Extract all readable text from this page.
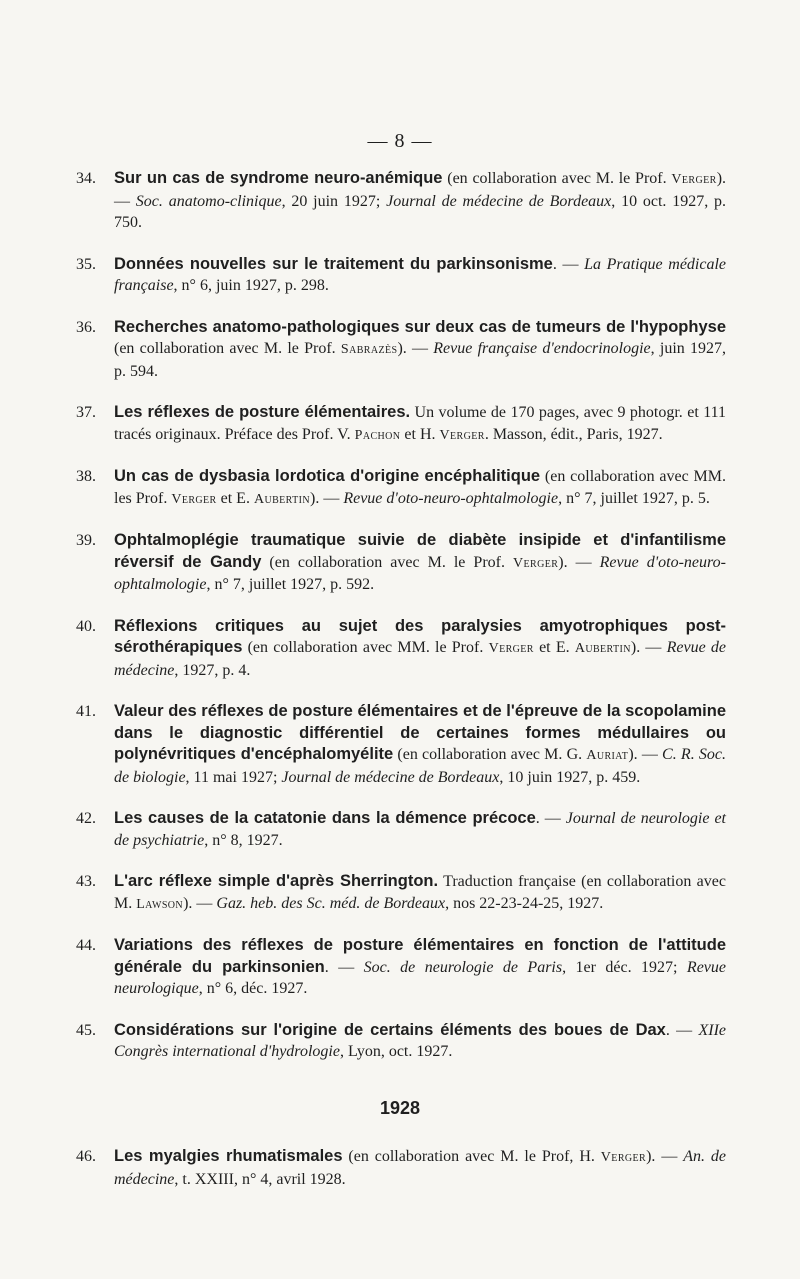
— 8 —
34. Sur un cas de syndrome neuro-anémique (en collaboration avec M. le Prof. Verger). — Soc. anatomo-clinique, 20 juin 1927; Journal de médecine de Bordeaux, 10 oct. 1927, p. 750.
35. Données nouvelles sur le traitement du parkinsonisme. — La Pratique médicale française, n° 6, juin 1927, p. 298.
36. Recherches anatomo-pathologiques sur deux cas de tumeurs de l'hypophyse (en collaboration avec M. le Prof. Sabrazès). — Revue française d'endocrinologie, juin 1927, p. 594.
37. Les réflexes de posture élémentaires. Un volume de 170 pages, avec 9 photogr. et 111 tracés originaux. Préface des Prof. V. Pachon et H. Verger. Masson, édit., Paris, 1927.
38. Un cas de dysbasia lordotica d'origine encéphalitique (en collaboration avec MM. les Prof. Verger et E. Aubertin). — Revue d'oto-neuro-ophtalmologie, n° 7, juillet 1927, p. 5.
39. Ophtalmoplégie traumatique suivie de diabète insipide et d'infantilisme réversif de Gandy (en collaboration avec M. le Prof. Verger). — Revue d'oto-neuro-ophtalmologie, n° 7, juillet 1927, p. 592.
40. Réflexions critiques au sujet des paralysies amyotrophiques post-sérothérapiques (en collaboration avec MM. le Prof. Verger et E. Aubertin). — Revue de médecine, 1927, p. 4.
41. Valeur des réflexes de posture élémentaires et de l'épreuve de la scopolamine dans le diagnostic différentiel de certaines formes médullaires ou polynévritiques d'encéphalomyélite (en collaboration avec M. G. Auriat). — C. R. Soc. de biologie, 11 mai 1927; Journal de médecine de Bordeaux, 10 juin 1927, p. 459.
42. Les causes de la catatonie dans la démence précoce. — Journal de neurologie et de psychiatrie, n° 8, 1927.
43. L'arc réflexe simple d'après Sherrington. Traduction française (en collaboration avec M. Lawson). — Gaz. heb. des Sc. méd. de Bordeaux, nos 22-23-24-25, 1927.
44. Variations des réflexes de posture élémentaires en fonction de l'attitude générale du parkinsonien. — Soc. de neurologie de Paris, 1er déc. 1927; Revue neurologique, n° 6, déc. 1927.
45. Considérations sur l'origine de certains éléments des boues de Dax. — XIIe Congrès international d'hydrologie, Lyon, oct. 1927.
1928
46. Les myalgies rhumatismales (en collaboration avec M. le Prof, H. Verger). — An. de médecine, t. XXIII, n° 4, avril 1928.
